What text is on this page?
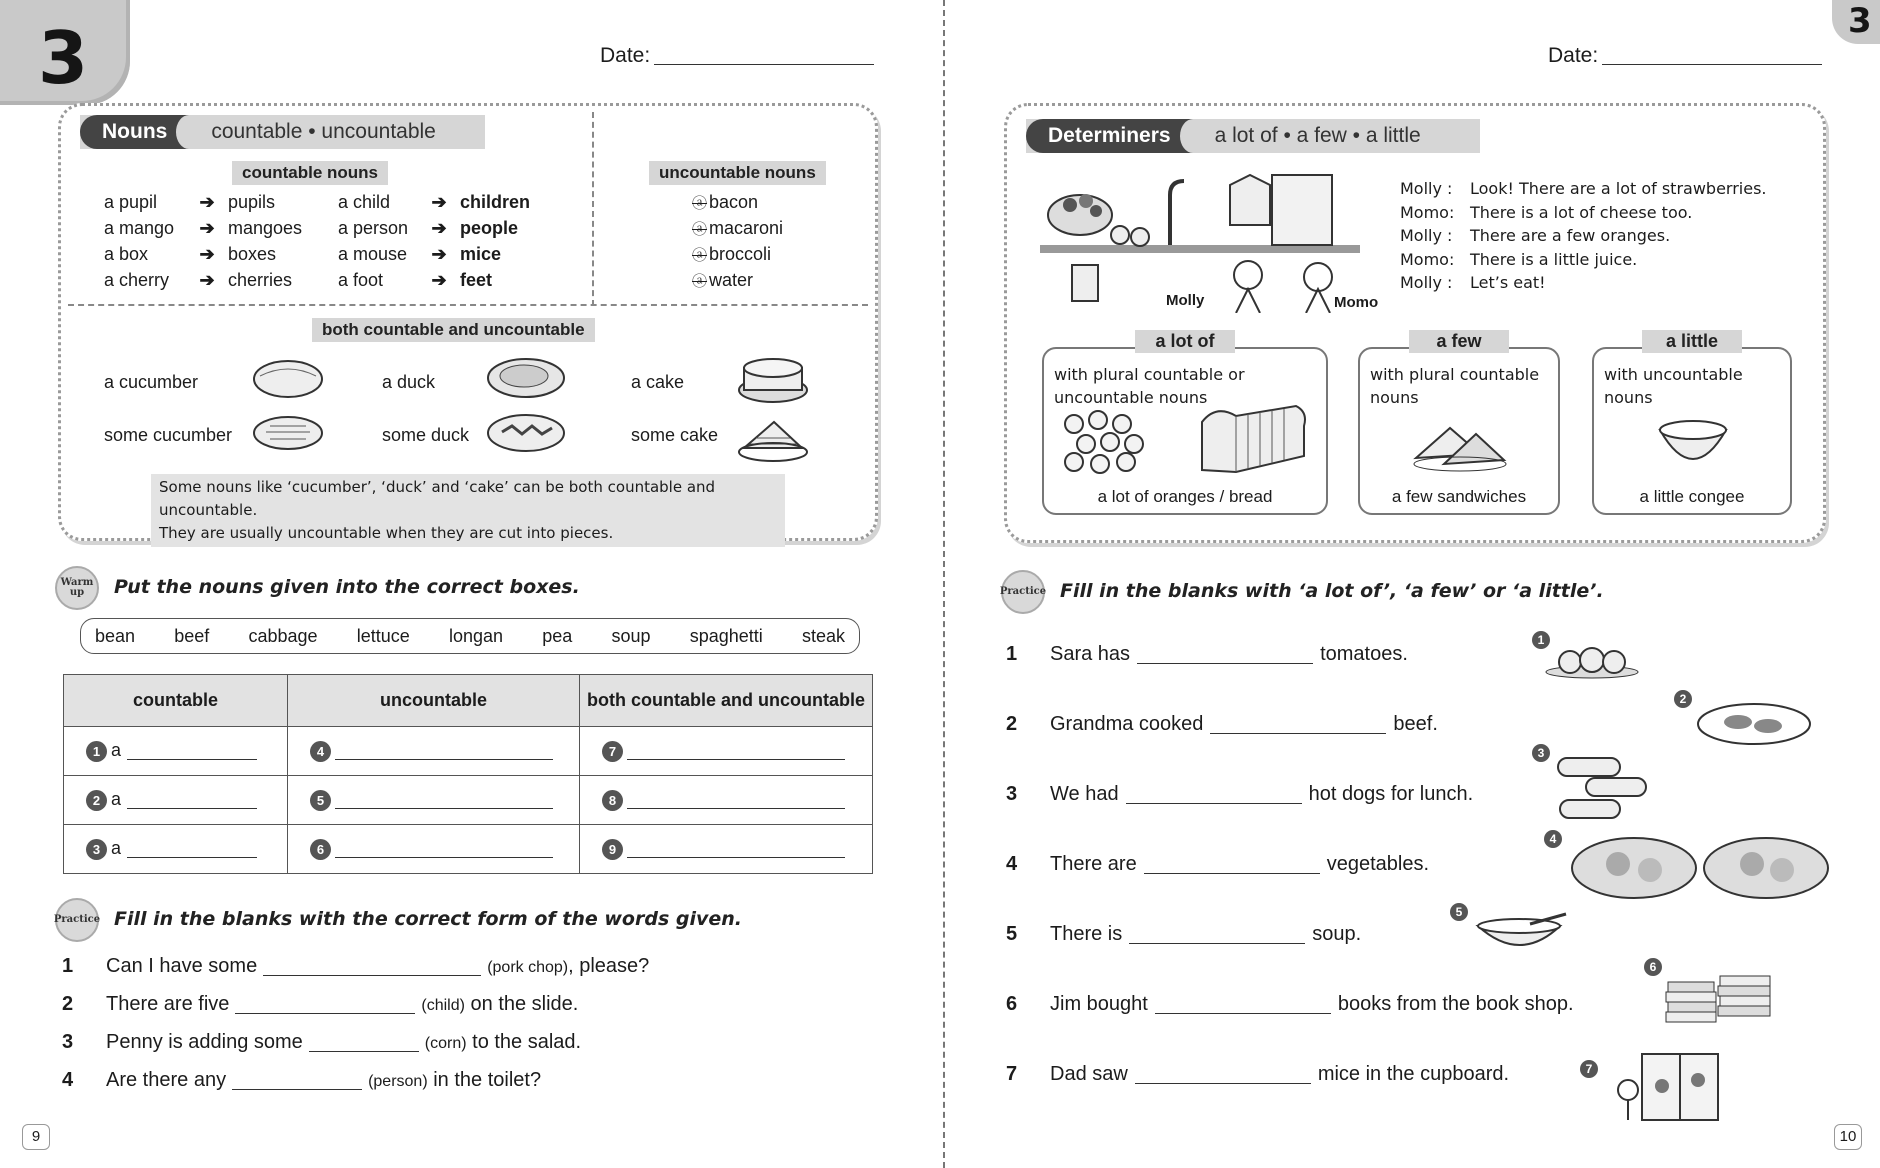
3	Date:
Nouns	countable • uncountable
countable nouns	uncountable nouns
a pupil ➔ pupils	a child ➔ children
a mango ➔ mangoes a person ➔ people
a box	➔ boxes	a mouse ➔ mice
a cherry ➔ cherries	a foot	➔ feet
ⓐ bacon
ⓐ macaroni
ⓐ broccoli
ⓐ water
both countable and uncountable
a cucumber
some cucumber
a duck
some duck
a cake
some cake
Some nouns like ‘cucumber’, ‘duck’ and ‘cake’ can be both countable and uncountable.
They are usually uncountable when they are cut into pieces.
Warm up	Put the nouns given into the correct boxes.
bean beef cabbage lettuce longan pea soup spaghetti steak
countable	uncountable	both countable and uncountable
1 a	4	7
2 a	5	8
3 a	6	9
Practice Fill in the blanks with the correct form of the words given.
1 Can I have some	(pork chop), please?
2 There are five	(child) on the slide.
3 Penny is adding some	(corn) to the salad.
4 Are there any	(person) in the toilet?
9
3
Date:
Determiners	a lot of • a few • a little
Molly	Momo
Molly : Look! There are a lot of strawberries.
Momo: There is a lot of cheese too.
Molly : There are a few oranges.
Momo: There is a little juice.
Molly : Let’s eat!
a lot of
with plural countable or
uncountable nouns
a lot of oranges / bread
a few
with plural countable
nouns
a few sandwiches
a little
with uncountable
nouns
a little congee
Practice Fill in the blanks with ‘a lot of’, ‘a few’ or ‘a little’.
1 Sara has	tomatoes.
2 Grandma cooked	beef.
3 We had	hot dogs for lunch.
4 There are	vegetables.
5 There is	soup.
6 Jim bought	books from the book shop.
7 Dad saw	mice in the cupboard.
1
2
3
4
5
6
7
10
